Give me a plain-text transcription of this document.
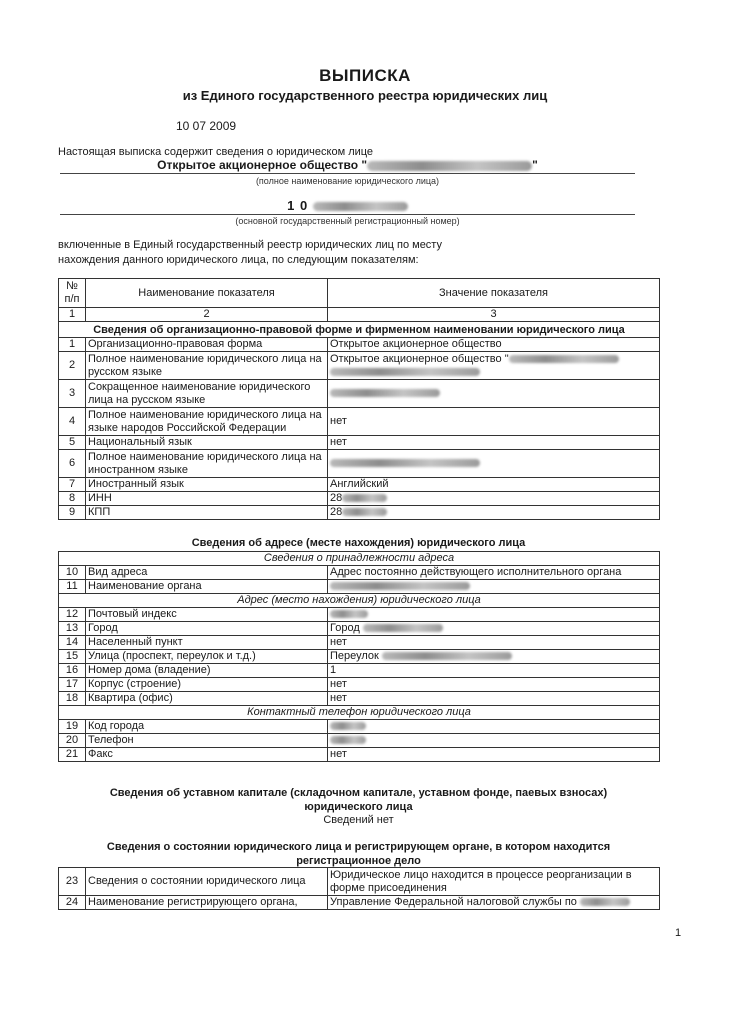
ВЫПИСКА
из Единого государственного реестра юридических лиц
10 07 2009
Настоящая выписка содержит сведения о юридическом лице
Открытое акционерное общество "	"
(полное наименование юридического лица)
1 0
(основной государственный регистрационный номер)
включенные в Единый государственный реестр юридических лиц по месту
нахождения данного юридического лица, по следующим показателям:
№ п/п	Наименование показателя	Значение показателя
1	2	3
Сведения об организационно-правовой форме и фирменном наименовании юридического лица		
1	Организационно-правовая форма	Открытое акционерное общество
2	Полное наименование юридического лица на русском языке	Открытое акционерное общество "

3	Сокращенное наименование юридического лица на русском языке	
4	Полное наименование юридического лица на языке народов Российской Федерации	нет
5	Национальный язык	нет
6	Полное наименование юридического лица на иностранном языке	
7	Иностранный язык	Английский
8	ИНН	28
9	КПП	28
Сведения об адресе (месте нахождения) юридического лица
Сведения о принадлежности адреса		
10	Вид адреса	Адрес постоянно действующего исполнительного органа
11	Наименование органа	
Адрес (место нахождения) юридического лица		
12	Почтовый индекс	
13	Город	Город
14	Населенный пункт	нет
15	Улица (проспект, переулок и т.д.)	Переулок
16	Номер дома (владение)	1
17	Корпус (строение)	нет
18	Квартира (офис)	нет
Контактный телефон юридического лица		
19	Код города	
20	Телефон	
21	Факс	нет
Сведения об уставном капитале (складочном капитале, уставном фонде, паевых взносах)
юридического лица
Сведений нет
Сведения о состоянии юридического лица и регистрирующем органе, в котором находится
регистрационное дело
23	Сведения о состоянии юридического лица	Юридическое лицо находится в процессе реорганизации в форме присоединения
24	Наименование регистрирующего органа,	Управление Федеральной налоговой службы по
1
